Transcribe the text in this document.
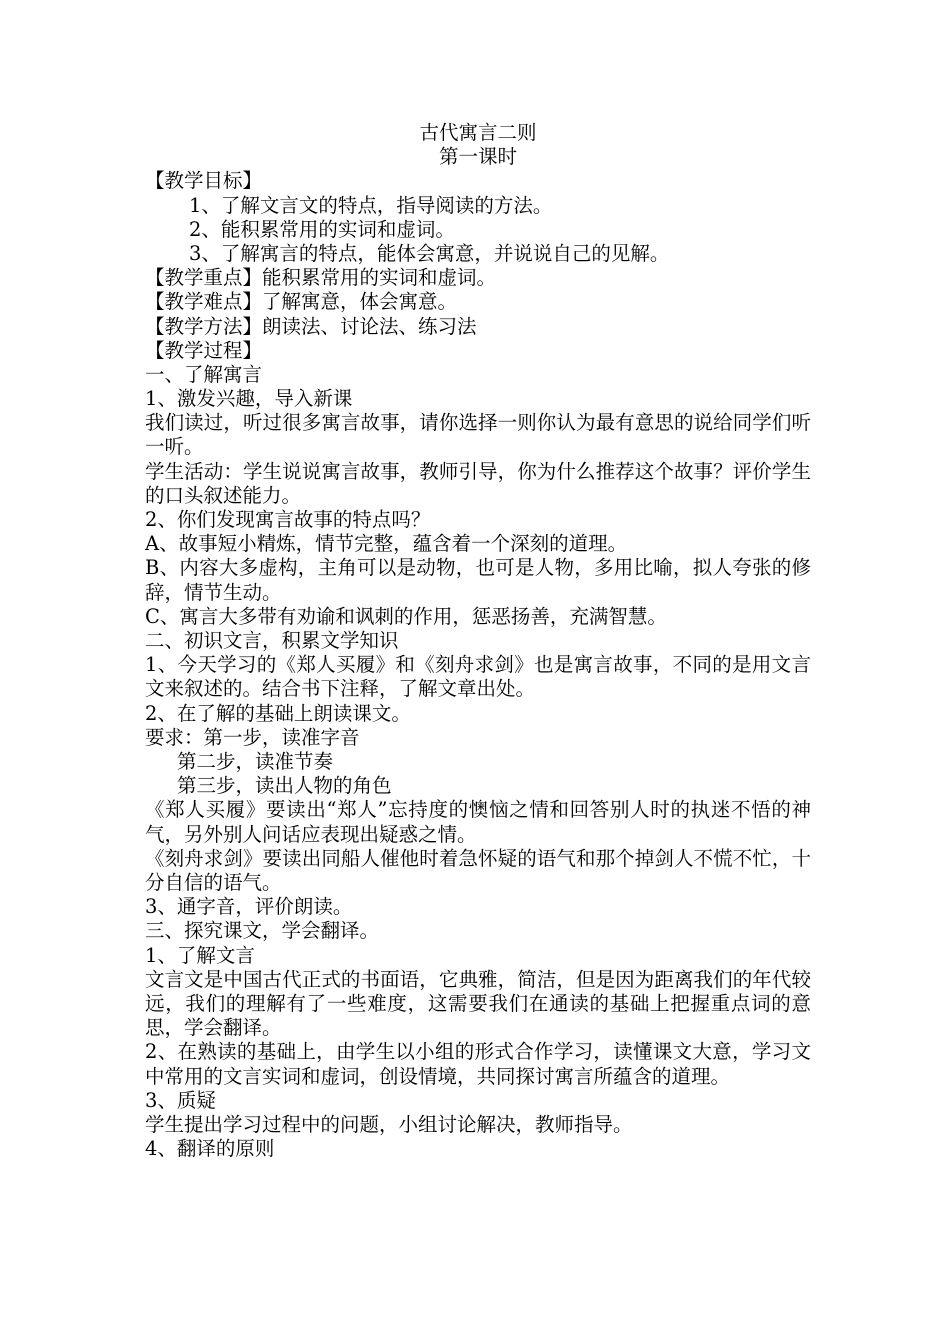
古代寓言二则
第一课时
【教学目标】
1、了解文言文的特点，指导阅读的方法。
2、能积累常用的实词和虚词。
3、了解寓言的特点，能体会寓意，并说说自己的见解。
【教学重点】能积累常用的实词和虚词。
【教学难点】了解寓意，体会寓意。
【教学方法】朗读法、讨论法、练习法
【教学过程】
一、了解寓言
1、激发兴趣，导入新课
我们读过，听过很多寓言故事，请你选择一则你认为最有意思的说给同学们听一听。
学生活动：学生说说寓言故事，教师引导，你为什么推荐这个故事？评价学生的口头叙述能力。
2、你们发现寓言故事的特点吗？
A、故事短小精炼，情节完整，蕴含着一个深刻的道理。
B、内容大多虚构，主角可以是动物，也可是人物，多用比喻，拟人夸张的修辞，情节生动。
C、寓言大多带有劝谕和讽刺的作用，惩恶扬善，充满智慧。
二、初识文言，积累文学知识
1、今天学习的《郑人买履》和《刻舟求剑》也是寓言故事，不同的是用文言文来叙述的。结合书下注释，了解文章出处。
2、在了解的基础上朗读课文。
要求：第一步，读准字音
第二步，读准节奏
第三步，读出人物的角色
《郑人买履》要读出“郑人”忘持度的懊恼之情和回答别人时的执迷不悟的神气，另外别人问话应表现出疑惑之情。
《刻舟求剑》要读出同船人催他时着急怀疑的语气和那个掉剑人不慌不忙，十分自信的语气。
3、通字音，评价朗读。
三、探究课文，学会翻译。
1、了解文言
文言文是中国古代正式的书面语，它典雅，简洁，但是因为距离我们的年代较远，我们的理解有了一些难度，这需要我们在通读的基础上把握重点词的意思，学会翻译。
2、在熟读的基础上，由学生以小组的形式合作学习，读懂课文大意，学习文中常用的文言实词和虚词，创设情境，共同探讨寓言所蕴含的道理。
3、质疑
学生提出学习过程中的问题，小组讨论解决，教师指导。
4、翻译的原则
